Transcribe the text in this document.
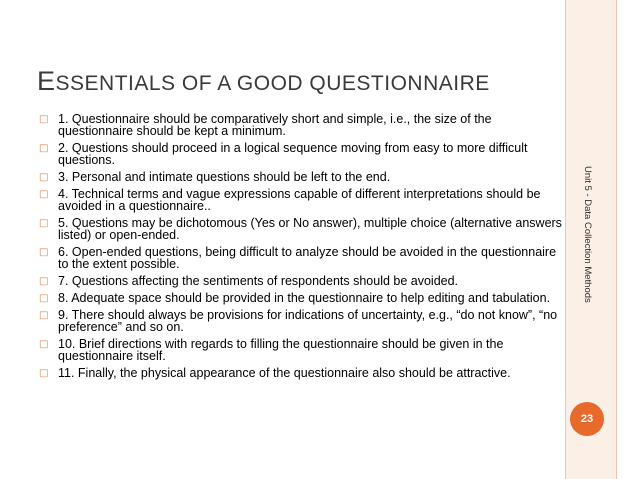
ESSENTIALS OF A GOOD QUESTIONNAIRE
□ 1. Questionnaire should be comparatively short and simple, i.e., the size of the questionnaire should be kept a minimum.
□ 2. Questions should proceed in a logical sequence moving from easy to more difficult questions.
□ 3. Personal and intimate questions should be left to the end.
□ 4. Technical terms and vague expressions capable of different interpretations should be avoided in a questionnaire..
□ 5. Questions may be dichotomous (Yes or No answer), multiple choice (alternative answers listed) or open-ended.
□ 6. Open-ended questions, being difficult to analyze should be avoided in the questionnaire to the extent possible.
□ 7. Questions affecting the sentiments of respondents should be avoided.
□ 8. Adequate space should be provided in the questionnaire to help editing and tabulation.
□ 9. There should always be provisions for indications of uncertainty, e.g., “do not know”, “no preference” and so on.
□ 10. Brief directions with regards to filling the questionnaire should be given in the questionnaire itself.
□ 11. Finally, the physical appearance of the questionnaire also should be attractive.
Unit 5 - Data Collection Methods
23
